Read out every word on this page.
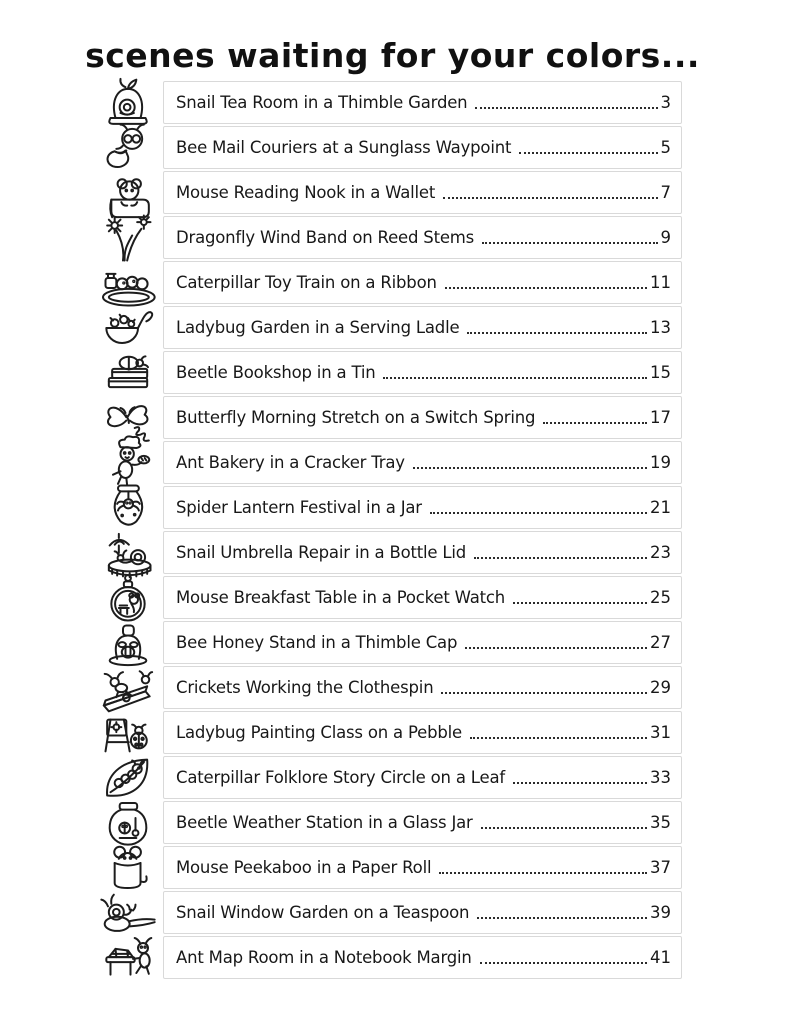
scenes waiting for your colors...
Snail Tea Room in a Thimble Garden	3
Bee Mail Couriers at a Sunglass Waypoint	5
Mouse Reading Nook in a Wallet	7
Dragonfly Wind Band on Reed Stems	9
Caterpillar Toy Train on a Ribbon	11
Ladybug Garden in a Serving Ladle	13
Beetle Bookshop in a Tin	15
Butterfly Morning Stretch on a Switch Spring	17
Ant Bakery in a Cracker Tray	19
Spider Lantern Festival in a Jar	21
Snail Umbrella Repair in a Bottle Lid	23
Mouse Breakfast Table in a Pocket Watch	25
Bee Honey Stand in a Thimble Cap	27
Crickets Working the Clothespin	29
Ladybug Painting Class on a Pebble	31
Caterpillar Folklore Story Circle on a Leaf	33
Beetle Weather Station in a Glass Jar	35
Mouse Peekaboo in a Paper Roll	37
Snail Window Garden on a Teaspoon	39
Ant Map Room in a Notebook Margin	41
